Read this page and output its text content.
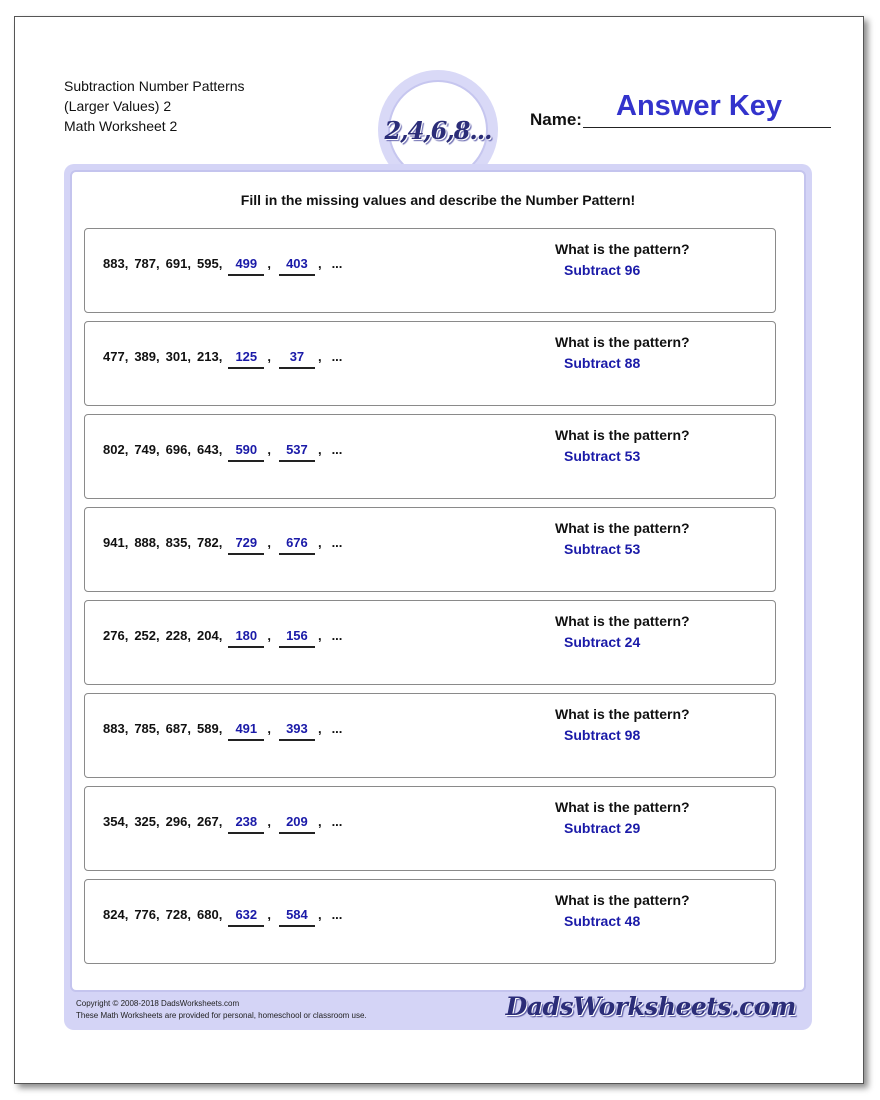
Subtraction Number Patterns
(Larger Values) 2
Math Worksheet 2	2,4,6,8... Name: Answer Key
Fill in the missing values and describe the Number Pattern!
883 , 787 , 691 , 595 ,	499 ,	403 , ...
What is the pattern?
Subtract 96
477 , 389 , 301 , 213 ,	125 ,	37	, ...
What is the pattern?
Subtract 88
802 , 749 , 696 , 643 ,	590 ,	537 , ...
What is the pattern?
Subtract 53
941 , 888 , 835 , 782 ,	729 ,	676 , ...
What is the pattern?
Subtract 53
276 , 252 , 228 , 204 ,	180 ,	156 , ...
What is the pattern?
Subtract 24
883 , 785 , 687 , 589 ,	491 ,	393 , ...
What is the pattern?
Subtract 98
354 , 325 , 296 , 267 ,	238 ,	209 , ...
What is the pattern?
Subtract 29
824 , 776 , 728 , 680 ,	632 ,	584 , ...
What is the pattern?
Subtract 48
Copyright © 2008-2018 DadsWorksheets.com
These Math Worksheets are provided for personal, homeschool or classroom use.	DadsWorksheets.com
